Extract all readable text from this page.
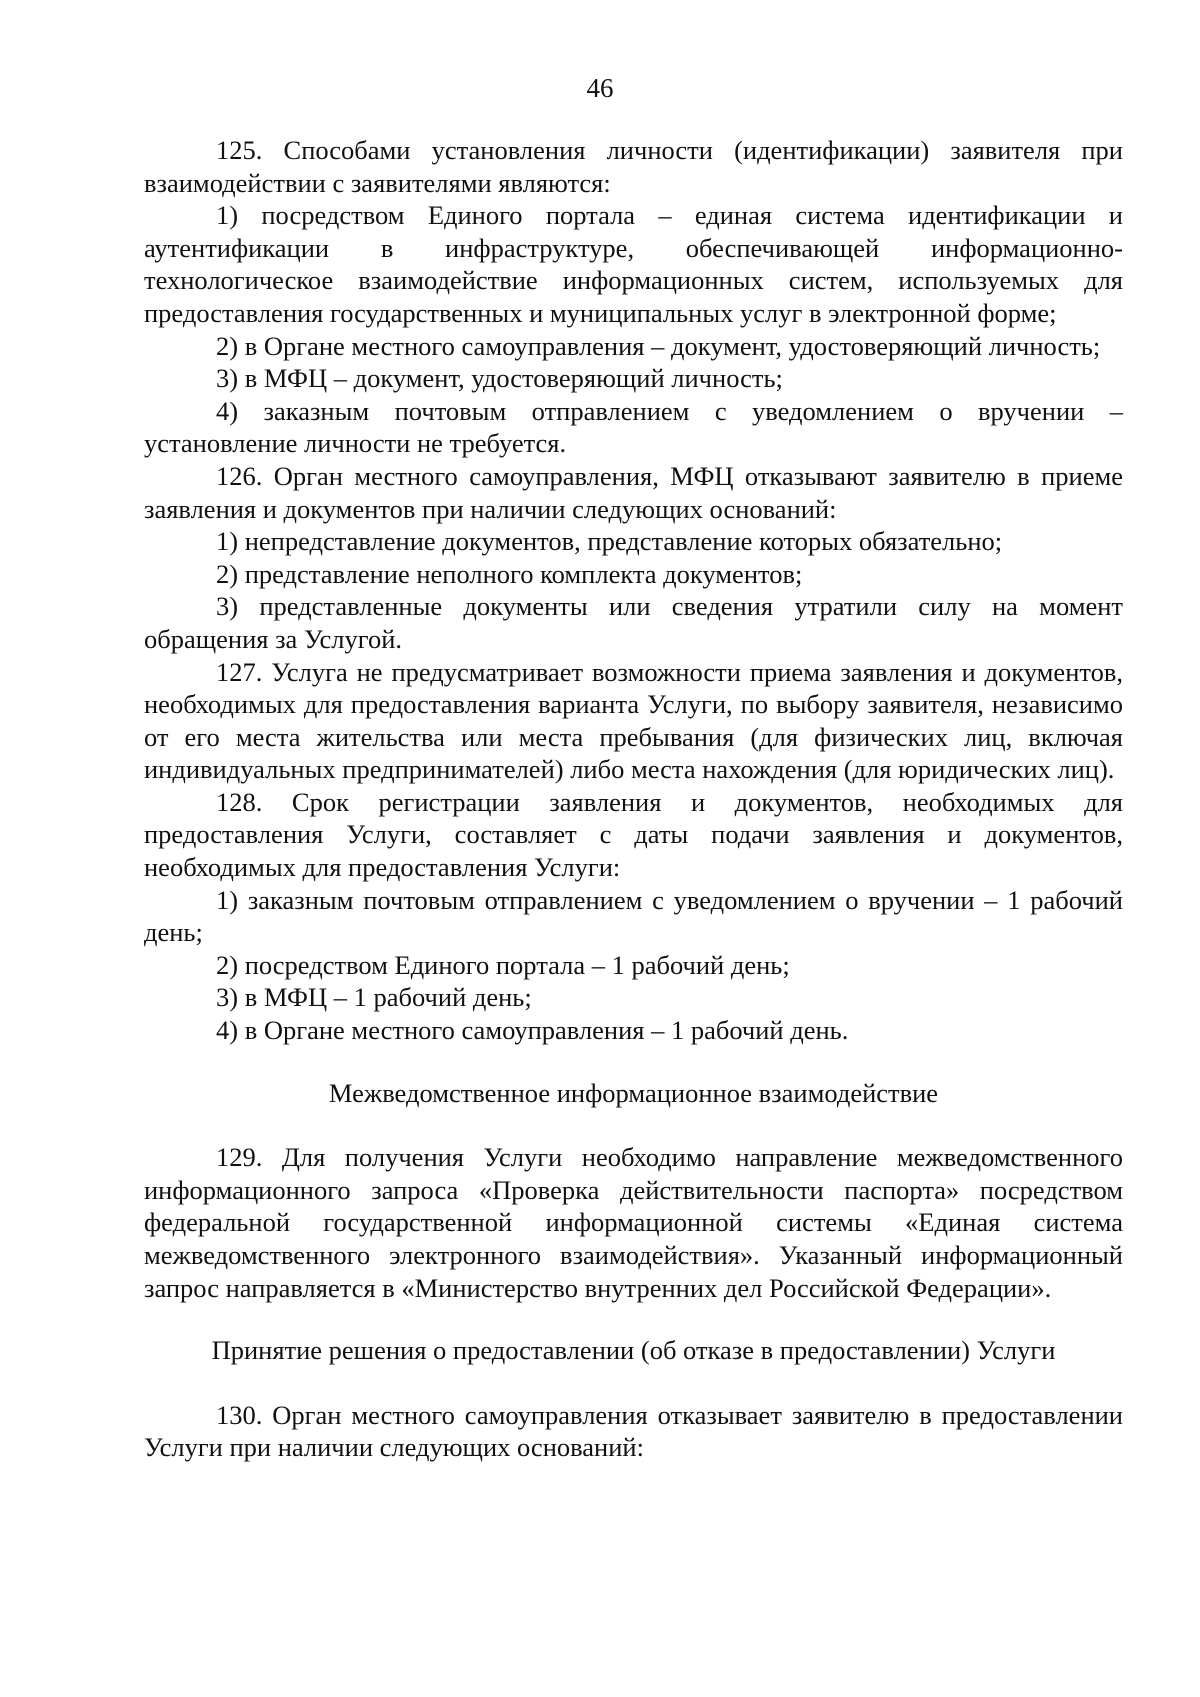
46

125. Способами установления личности (идентификации) заявителя при взаимодействии с заявителями являются:

1) посредством Единого портала – единая система идентификации и аутентификации в инфраструктуре, обеспечивающей информационно-технологическое взаимодействие информационных систем, используемых для предоставления государственных и муниципальных услуг в электронной форме;

2) в Органе местного самоуправления – документ, удостоверяющий личность;

3) в МФЦ – документ, удостоверяющий личность;

4) заказным почтовым отправлением с уведомлением о вручении – установление личности не требуется.

126. Орган местного самоуправления, МФЦ отказывают заявителю в приеме заявления и документов при наличии следующих оснований:

1) непредставление документов, представление которых обязательно;

2) представление неполного комплекта документов;

3) представленные документы или сведения утратили силу на момент обращения за Услугой.

127. Услуга не предусматривает возможности приема заявления и документов, необходимых для предоставления варианта Услуги, по выбору заявителя, независимо от его места жительства или места пребывания (для физических лиц, включая индивидуальных предпринимателей) либо места нахождения (для юридических лиц).

128. Срок регистрации заявления и документов, необходимых для предоставления Услуги, составляет с даты подачи заявления и документов, необходимых для предоставления Услуги:

1) заказным почтовым отправлением с уведомлением о вручении – 1 рабочий день;

2) посредством Единого портала – 1 рабочий день;

3) в МФЦ – 1 рабочий день;

4) в Органе местного самоуправления – 1 рабочий день.

Межведомственное информационное взаимодействие

129. Для получения Услуги необходимо направление межведомственного информационного запроса «Проверка действительности паспорта» посредством федеральной государственной информационной системы «Единая система межведомственного электронного взаимодействия». Указанный информационный запрос направляется в «Министерство внутренних дел Российской Федерации».

Принятие решения о предоставлении (об отказе в предоставлении) Услуги

130. Орган местного самоуправления отказывает заявителю в предоставлении Услуги при наличии следующих оснований:
